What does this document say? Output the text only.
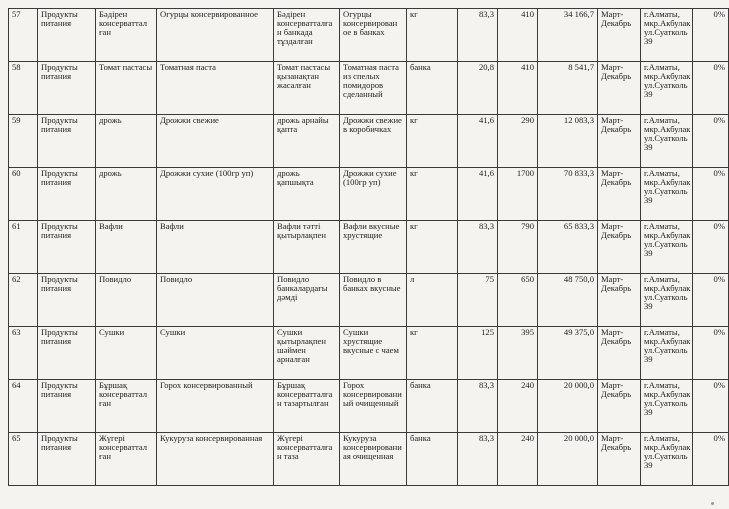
57	Продукты питания	Бәдірен консерваттал ған	Огурцы консервированное	Бәдірен консерватталға н банкада тұздалған	Огурцы консервирован ое в банках	кг	83,3	410	34 166,7	Март-Декабрь	г.Алматы, мкр.Акбулак ул.Суатколь 39	0%

58	Продукты питания	Томат пастасы	Томатная паста	Томат пастасы қызанақтан жасалған	Томатная паста из спелых помидоров сделанный	банка	20,8	410	8 541,7	Март-Декабрь	г.Алматы, мкр.Акбулак ул.Суатколь 39	0%

59	Продукты питания	дрожь	Дрожжи свежие	дрожь арнайы қапта	Дрожжи свежие в коробичках	кг	41,6	290	12 083,3	Март-Декабрь	г.Алматы, мкр.Акбулак ул.Суатколь 39	0%

60	Продукты питания	дрожь	Дрожжи сухие (100гр уп)	дрожь қапшықта	Дрожжи сухие (100гр уп)	кг	41,6	1700	70 833,3	Март-Декабрь	г.Алматы, мкр.Акбулак ул.Суатколь 39	0%

61	Продукты питания	Вафли	Вафли	Вафли тәтті қытырлақпен	Вафли вкусные хрустящие	кг	83,3	790	65 833,3	Март-Декабрь	г.Алматы, мкр.Акбулак ул.Суатколь 39	0%

62	Продукты питания	Повидло	Повидло	Повидло банкалардағы дәмді	Повидло в банках вкусные	л	75	650	48 750,0	Март-Декабрь	г.Алматы, мкр.Акбулак ул.Суатколь 39	0%

63	Продукты питания	Сушки	Сушки	Сушки қытырлақпен шәймен арналған	Сушки хрустящие вкусные с чаем	кг	125	395	49 375,0	Март-Декабрь	г.Алматы, мкр.Акбулак ул.Суатколь 39	0%

64	Продукты питания	Бұршақ консерваттал ған	Горох консервированный	Бұршақ консерватталға н тазартылған	Горох консервировани ый очищенный	банка	83,3	240	20 000,0	Март-Декабрь	г.Алматы, мкр.Акбулак ул.Суатколь 39	0%

65	Продукты питания	Жүгері консерваттал ған	Кукуруза консервированная	Жүгері консерватталға н таза	Кукуруза консервировани ая очищенная	банка	83,3	240	20 000,0	Март-Декабрь	г.Алматы, мкр.Акбулак ул.Суатколь 39	0%
